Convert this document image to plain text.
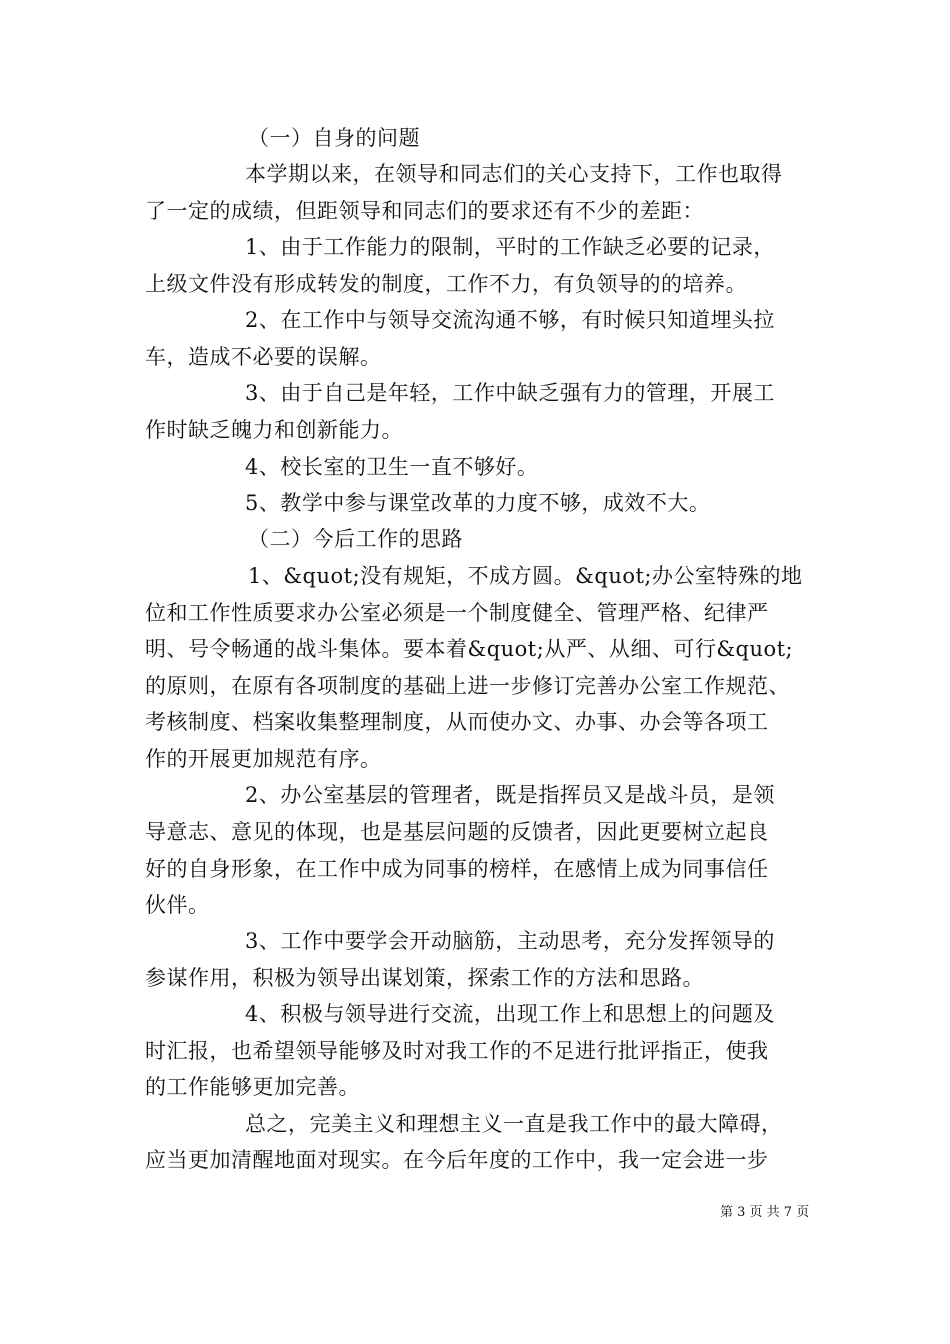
（一）自身的问题
本学期以来，在领导和同志们的关心支持下，工作也取得
了一定的成绩，但距领导和同志们的要求还有不少的差距：
1、由于工作能力的限制，平时的工作缺乏必要的记录，
上级文件没有形成转发的制度，工作不力，有负领导的的培养。
2、在工作中与领导交流沟通不够，有时候只知道埋头拉
车，造成不必要的误解。
3、由于自己是年轻，工作中缺乏强有力的管理，开展工
作时缺乏魄力和创新能力。
4、校长室的卫生一直不够好。
5、教学中参与课堂改革的力度不够，成效不大。
（二）今后工作的思路
1、&quot;没有规矩，不成方圆。&quot;办公室特殊的地
位和工作性质要求办公室必须是一个制度健全、管理严格、纪律严
明、号令畅通的战斗集体。要本着&quot;从严、从细、可行&quot;
的原则，在原有各项制度的基础上进一步修订完善办公室工作规范、
考核制度、档案收集整理制度，从而使办文、办事、办会等各项工
作的开展更加规范有序。
2、办公室基层的管理者，既是指挥员又是战斗员，是领
导意志、意见的体现，也是基层问题的反馈者，因此更要树立起良
好的自身形象，在工作中成为同事的榜样，在感情上成为同事信任
伙伴。
3、工作中要学会开动脑筋，主动思考，充分发挥领导的
参谋作用，积极为领导出谋划策，探索工作的方法和思路。
4、积极与领导进行交流，出现工作上和思想上的问题及
时汇报，也希望领导能够及时对我工作的不足进行批评指正，使我
的工作能够更加完善。
总之，完美主义和理想主义一直是我工作中的最大障碍，
应当更加清醒地面对现实。在今后年度的工作中，我一定会进一步
第 3 页 共 7 页
